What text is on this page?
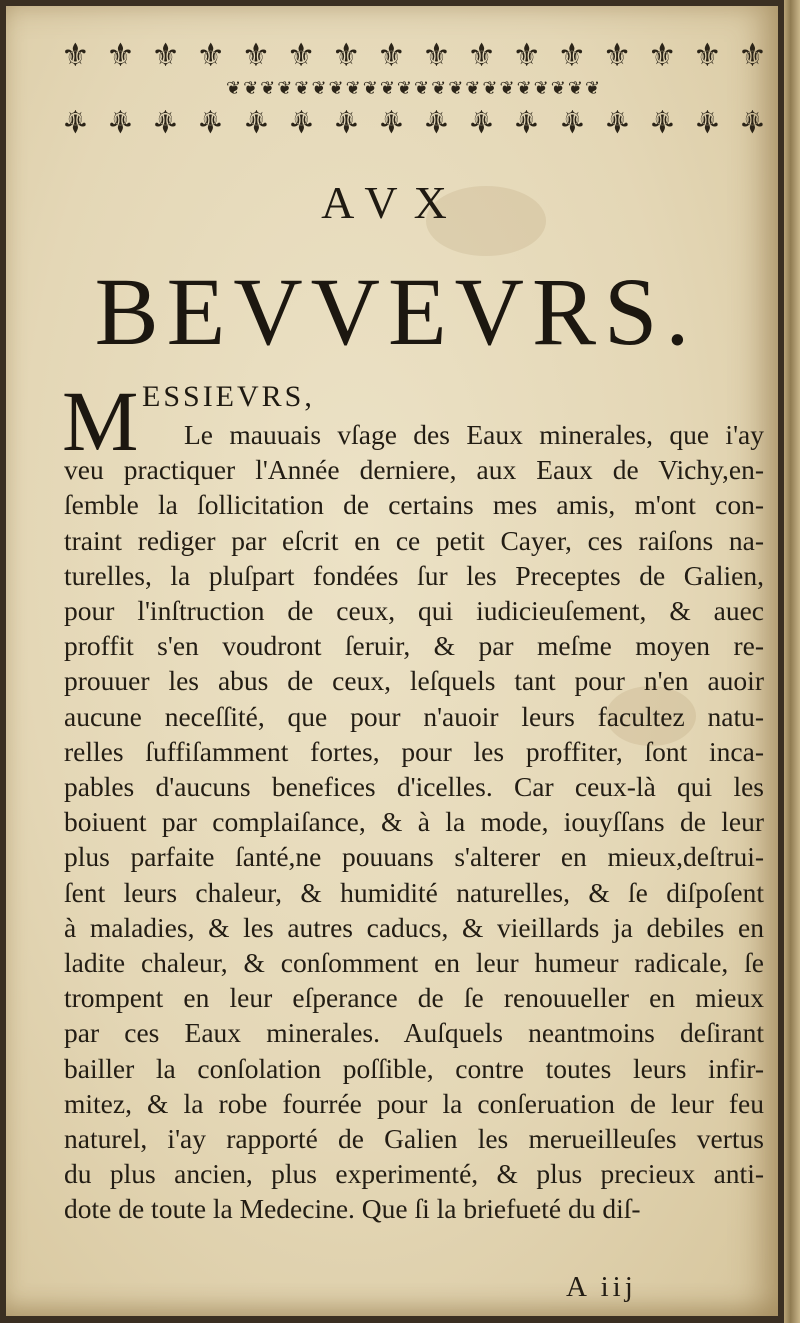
⚜ ⚜ ⚜ ⚜ ⚜ ⚜ ⚜ ⚜ ⚜ ⚜ ⚜ ⚜ ⚜ ⚜ ⚜ ⚜
❦ ❦ ❦ ❦ ❦ ❦ ❦ ❦ ❦ ❦ ❦ ❦ ❦ ❦ ❦ ❦ ❦ ❦ ❦ ❦ ❦ ❦
⚜ ⚜ ⚜ ⚜ ⚜ ⚜ ⚜ ⚜ ⚜ ⚜ ⚜ ⚜ ⚜ ⚜ ⚜ ⚜
AVX
BEVVEVRS.
M ESSIEVRS,
Le mauuais vſage des Eaux minerales, que i'ay
veu practiquer l'Année derniere, aux Eaux de Vichy,en-
ſemble la ſollicitation de certains mes amis, m'ont con-
traint rediger par eſcrit en ce petit Cayer, ces raiſons na-
turelles, la pluſpart fondées ſur les Preceptes de Galien,
pour l'inſtruction de ceux, qui iudicieuſement, & auec
proffit s'en voudront ſeruir, & par meſme moyen re-
prouuer les abus de ceux, leſquels tant pour n'en auoir
aucune neceſſité, que pour n'auoir leurs facultez natu-
relles ſuffiſamment fortes, pour les proffiter, ſont inca-
pables d'aucuns benefices d'icelles. Car ceux-là qui les
boiuent par complaiſance, & à la mode, iouyſſans de leur
plus parfaite ſanté,ne pouuans s'alterer en mieux,deſtrui-
ſent leurs chaleur, & humidité naturelles, & ſe diſpoſent
à maladies, & les autres caducs, & vieillards ja debiles en
ladite chaleur, & conſomment en leur humeur radicale, ſe
trompent en leur eſperance de ſe renouueller en mieux
par ces Eaux minerales. Auſquels neantmoins deſirant
bailler la conſolation poſſible, contre toutes leurs infir-
mitez, & la robe fourrée pour la conſeruation de leur feu
naturel, i'ay rapporté de Galien les merueilleuſes vertus
du plus ancien, plus experimenté, & plus precieux anti-
dote de toute la Medecine. Que ſi la briefueté du diſ-
A iij
